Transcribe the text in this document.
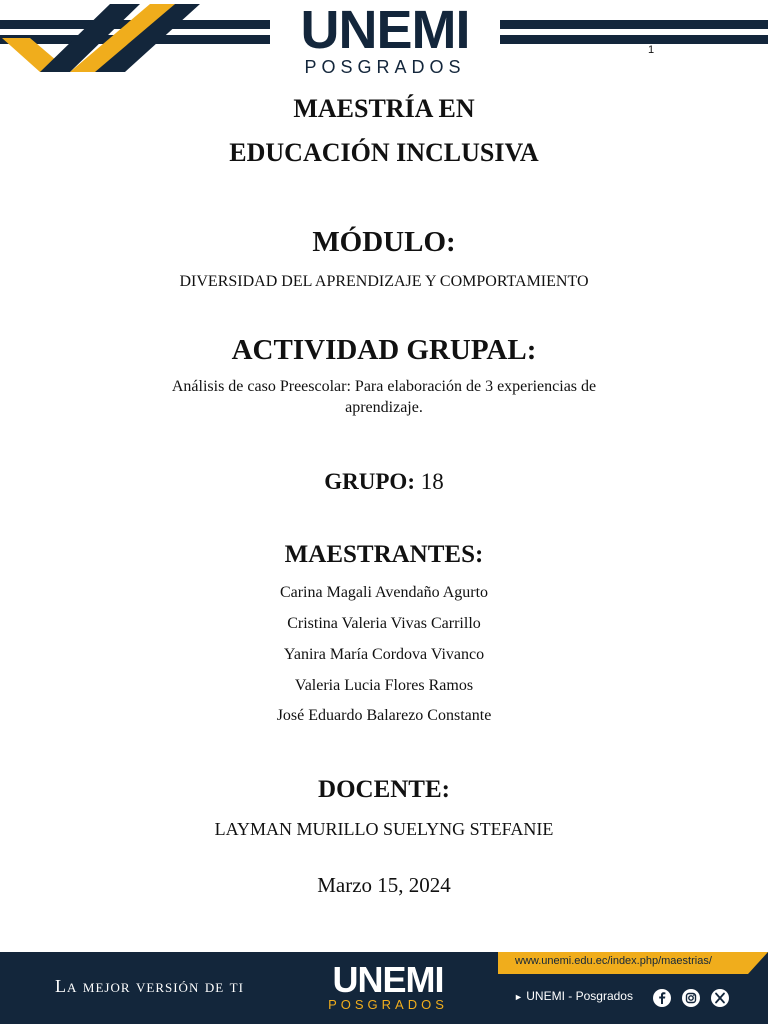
UNEMI
POSGRADOS
1
MAESTRÍA EN
EDUCACIÓN INCLUSIVA
MÓDULO:
DIVERSIDAD DEL APRENDIZAJE Y COMPORTAMIENTO
ACTIVIDAD GRUPAL:
Análisis de caso Preescolar: Para elaboración de 3 experiencias de
aprendizaje.
GRUPO: 18
MAESTRANTES:
Carina Magali Avendaño Agurto
Cristina Valeria Vivas Carrillo
Yanira María Cordova Vivanco
Valeria Lucia Flores Ramos
José Eduardo Balarezo Constante
DOCENTE:
LAYMAN MURILLO SUELYNG STEFANIE
Marzo 15, 2024
La mejor versión de ti	UNEMI
POSGRADOS
www.unemi.edu.ec/index.php/maestrias/
► UNEMI - Posgrados
